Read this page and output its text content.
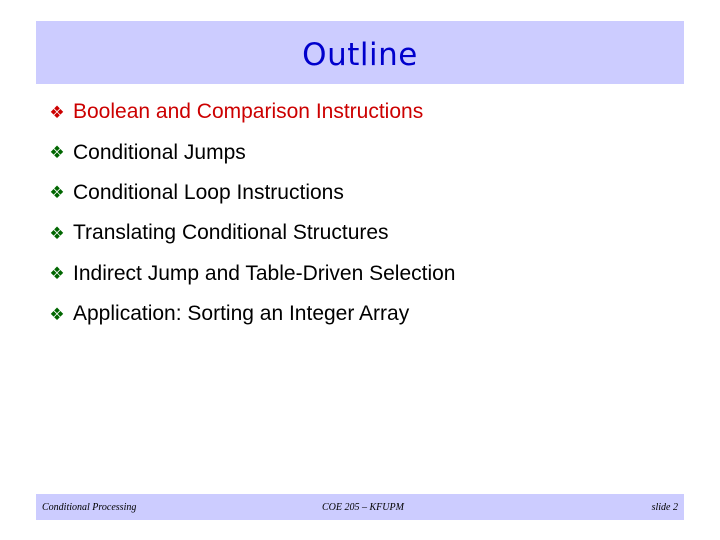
Outline
❖ Boolean and Comparison Instructions
❖ Conditional Jumps
❖ Conditional Loop Instructions
❖ Translating Conditional Structures
❖ Indirect Jump and Table-Driven Selection
❖ Application: Sorting an Integer Array
Conditional Processing	COE 205 – KFUPM	slide 2
